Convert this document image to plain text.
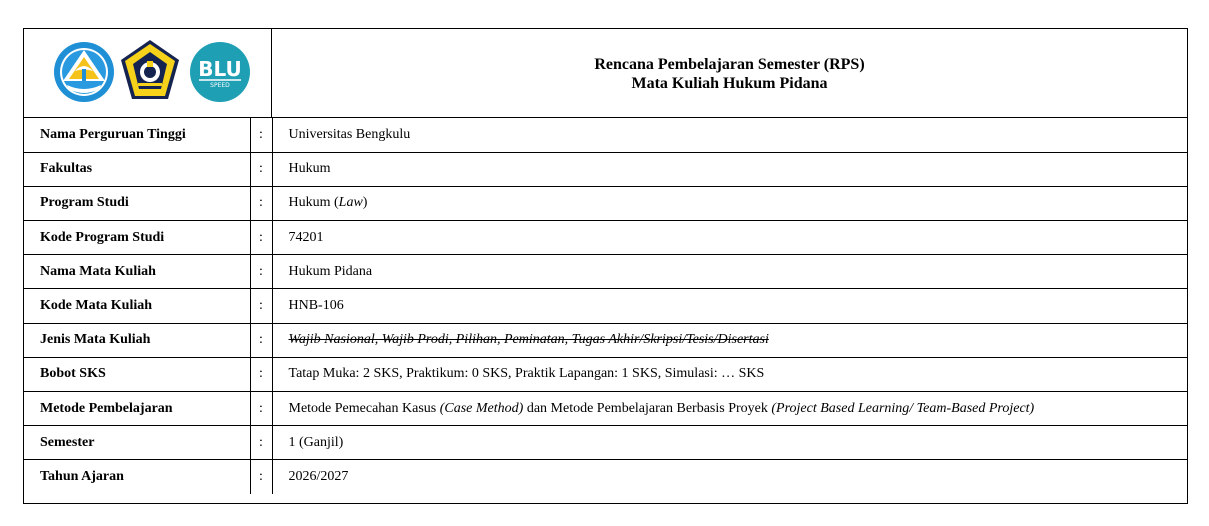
BLU
SPEED
Rencana Pembelajaran Semester (RPS)
Mata Kuliah Hukum Pidana
Nama Perguruan Tinggi	:	Universitas Bengkulu
Fakultas	:	Hukum
Program Studi	:	Hukum (Law)
Kode Program Studi	:	74201
Nama Mata Kuliah	:	Hukum Pidana
Kode Mata Kuliah	:	HNB-106
Jenis Mata Kuliah	:	Wajib Nasional, Wajib Prodi, Pilihan, Peminatan, Tugas Akhir/Skripsi/Tesis/Disertasi
Bobot SKS	:	Tatap Muka: 2 SKS, Praktikum: 0 SKS, Praktik Lapangan: 1 SKS, Simulasi: … SKS
Metode Pembelajaran	:	Metode Pemecahan Kasus (Case Method) dan Metode Pembelajaran Berbasis Proyek (Project Based Learning/ Team-Based Project)
Semester	:	1 (Ganjil)
Tahun Ajaran	:	2026/2027
